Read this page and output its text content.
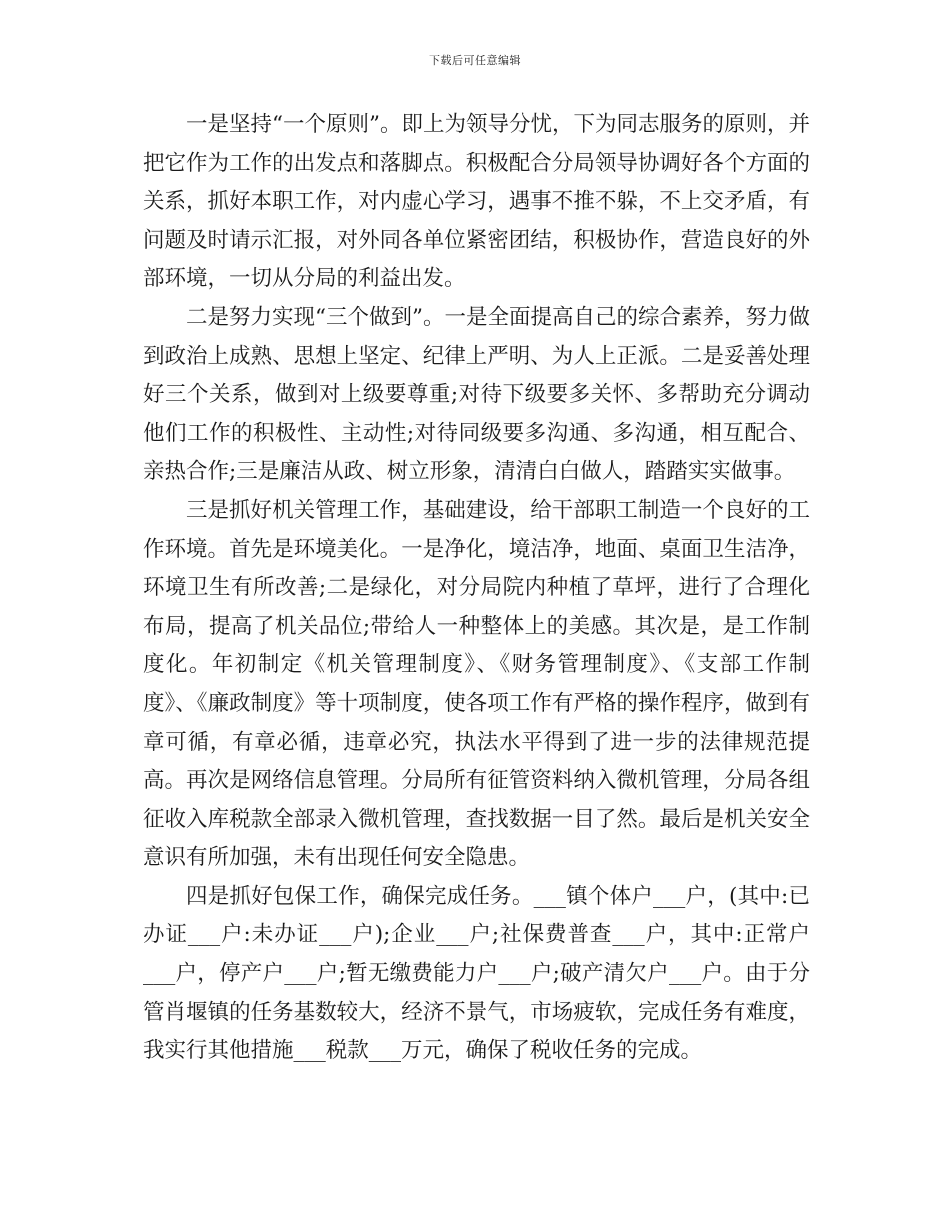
下载后可任意编辑

一是坚持“一个原则”。即上为领导分忧，下为同志服务的原则，并把它作为工作的出发点和落脚点。积极配合分局领导协调好各个方面的关系，抓好本职工作，对内虚心学习，遇事不推不躲，不上交矛盾，有问题及时请示汇报，对外同各单位紧密团结，积极协作，营造良好的外部环境，一切从分局的利益出发。

二是努力实现“三个做到”。一是全面提高自己的综合素养，努力做到政治上成熟、思想上坚定、纪律上严明、为人上正派。二是妥善处理好三个关系，做到对上级要尊重;对待下级要多关怀、多帮助充分调动他们工作的积极性、主动性;对待同级要多沟通、多沟通，相互配合、亲热合作;三是廉洁从政、树立形象，清清白白做人，踏踏实实做事。

三是抓好机关管理工作，基础建设，给干部职工制造一个良好的工作环境。首先是环境美化。一是净化，境洁净，地面、桌面卫生洁净，环境卫生有所改善;二是绿化，对分局院内种植了草坪，进行了合理化布局，提高了机关品位;带给人一种整体上的美感。其次是，是工作制度化。年初制定《机关管理制度》、《财务管理制度》、《支部工作制度》、《廉政制度》等十项制度，使各项工作有严格的操作程序，做到有章可循，有章必循，违章必究，执法水平得到了进一步的法律规范提高。再次是网络信息管理。分局所有征管资料纳入微机管理，分局各组征收入库税款全部录入微机管理，查找数据一目了然。最后是机关安全意识有所加强，未有出现任何安全隐患。

四是抓好包保工作，确保完成任务。___镇个体户___户，(其中:已办证___户:未办证___户);企业___户;社保费普查___户，其中:正常户___户，停产户___户;暂无缴费能力户___户;破产清欠户___户。由于分管肖堰镇的任务基数较大，经济不景气，市场疲软，完成任务有难度，我实行其他措施___税款___万元，确保了税收任务的完成。
